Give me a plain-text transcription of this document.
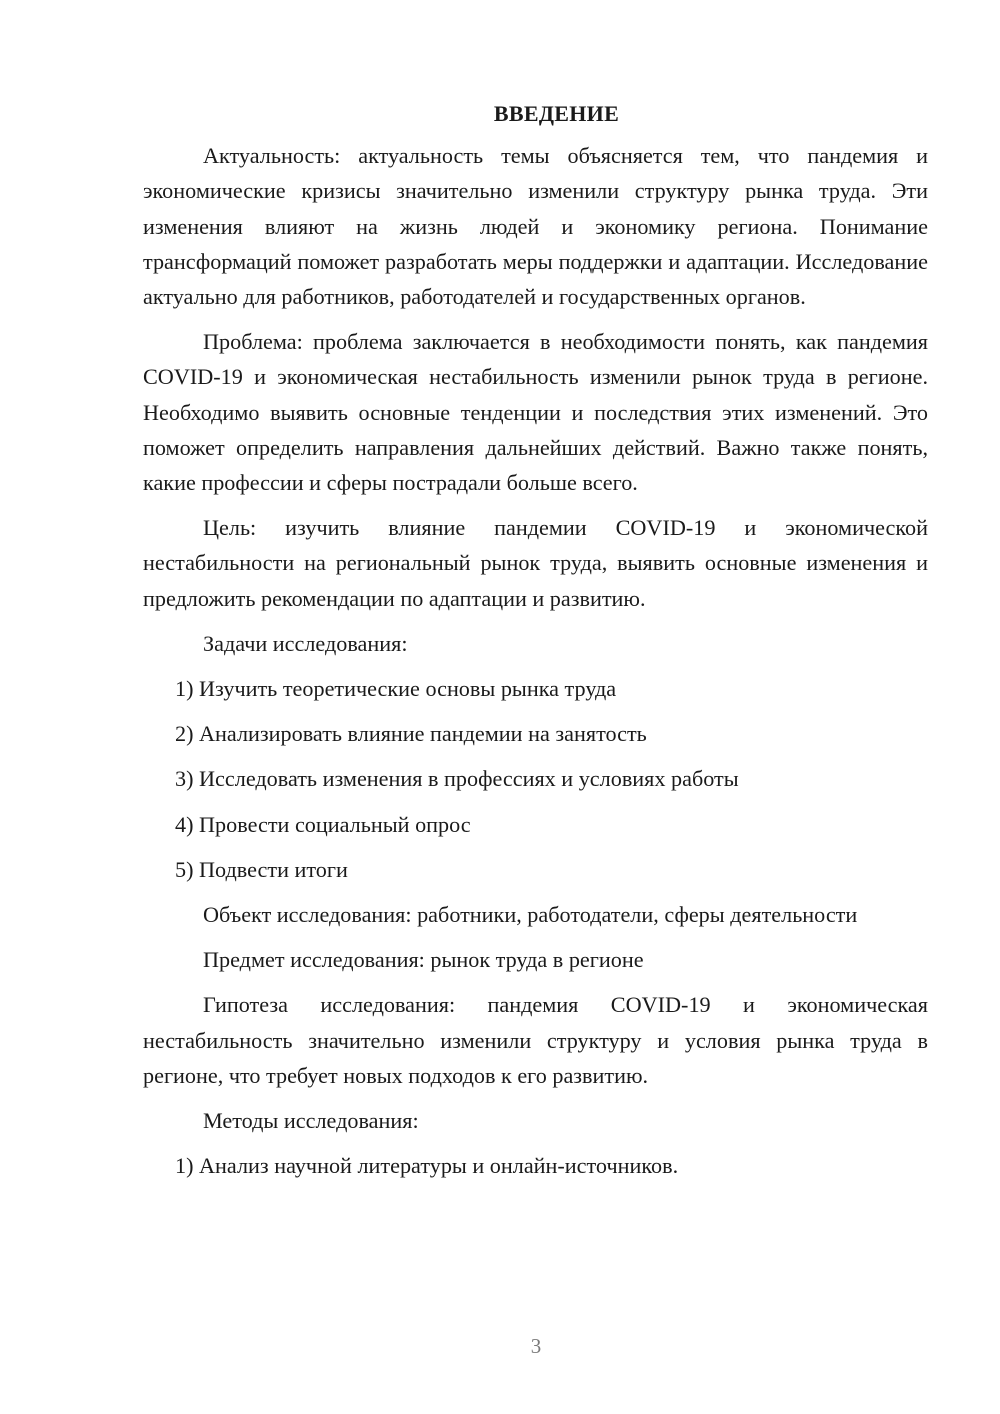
ВВЕДЕНИЕ

Актуальность: актуальность темы объясняется тем, что пандемия и экономические кризисы значительно изменили структуру рынка труда. Эти изменения влияют на жизнь людей и экономику региона. Понимание трансформаций поможет разработать меры поддержки и адаптации. Исследование актуально для работников, работодателей и государственных органов.

Проблема: проблема заключается в необходимости понять, как пандемия COVID-19 и экономическая нестабильность изменили рынок труда в регионе. Необходимо выявить основные тенденции и последствия этих изменений. Это поможет определить направления дальнейших действий. Важно также понять, какие профессии и сферы пострадали больше всего.

Цель: изучить влияние пандемии COVID-19 и экономической нестабильности на региональный рынок труда, выявить основные изменения и предложить рекомендации по адаптации и развитию.

Задачи исследования:

1) Изучить теоретические основы рынка труда

2) Анализировать влияние пандемии на занятость

3) Исследовать изменения в профессиях и условиях работы

4) Провести социальный опрос

5) Подвести итоги

Объект исследования: работники, работодатели, сферы деятельности

Предмет исследования: рынок труда в регионе

Гипотеза исследования: пандемия COVID-19 и экономическая нестабильность значительно изменили структуру и условия рынка труда в регионе, что требует новых подходов к его развитию.

Методы исследования:

1) Анализ научной литературы и онлайн-источников.

3
